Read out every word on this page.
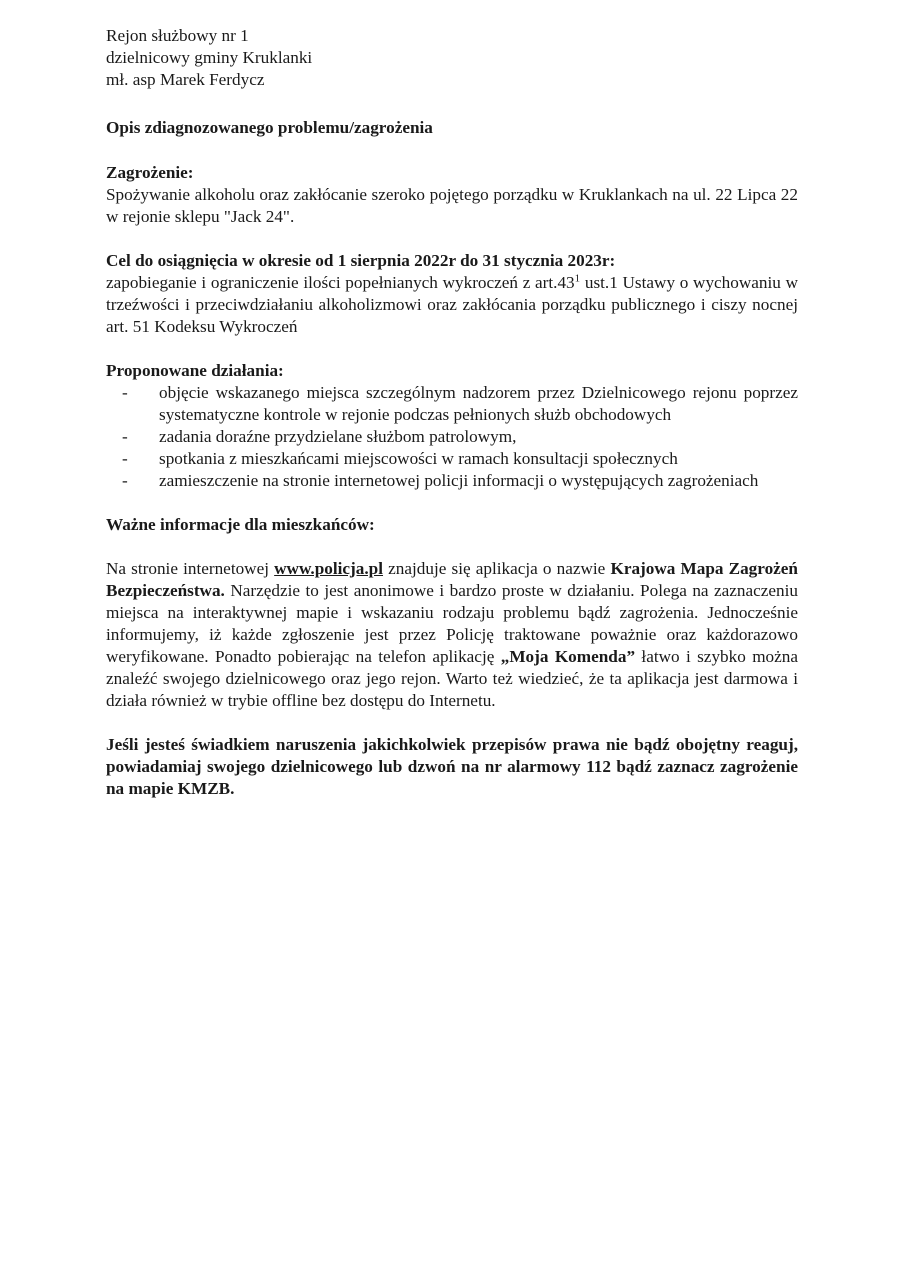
Rejon służbowy nr 1

dzielnicowy gminy Kruklanki

mł. asp Marek Ferdycz

Opis zdiagnozowanego problemu/zagrożenia

Zagrożenie:

Spożywanie alkoholu oraz zakłócanie szeroko pojętego porządku w Kruklankach na ul. 22 Lipca 22 w rejonie sklepu "Jack 24".

Cel do osiągnięcia w okresie od 1 sierpnia 2022r do 31 stycznia 2023r:

zapobieganie i ograniczenie ilości popełnianych wykroczeń z $art.43^1$ ust.1 Ustawy o wychowaniu w trzeźwości i przeciwdziałaniu alkoholizmowi oraz zakłócania porządku publicznego i ciszy nocnej art. 51 Kodeksu Wykroczeń

Proponowane działania:

- objęcie wskazanego miejsca szczególnym nadzorem przez Dzielnicowego rejonu poprzez systematyczne kontrole w rejonie podczas pełnionych służb obchodowych
- zadania doraźne przydzielane służbom patrolowym,
- spotkania z mieszkańcami miejscowości w ramach konsultacji społecznych
- zamieszczenie na stronie internetowej policji informacji o występujących zagrożeniach

Ważne informacje dla mieszkańców:

Na stronie internetowej www.policja.pl znajduje się aplikacja o nazwie Krajowa Mapa Zagrożeń Bezpieczeństwa. Narzędzie to jest anonimowe i bardzo proste w działaniu. Polega na zaznaczeniu miejsca na interaktywnej mapie i wskazaniu rodzaju problemu bądź zagrożenia. Jednocześnie informujemy, iż każde zgłoszenie jest przez Policję traktowane poważnie oraz każdorazowo weryfikowane. Ponadto pobierając na telefon aplikację „Moja Komenda” łatwo i szybko można znaleźć swojego dzielnicowego oraz jego rejon. Warto też wiedzieć, że ta aplikacja jest darmowa i działa również w trybie offline bez dostępu do Internetu.

Jeśli jesteś świadkiem naruszenia jakichkolwiek przepisów prawa nie bądź obojętny reaguj, powiadamiaj swojego dzielnicowego lub dzwoń na nr alarmowy 112 bądź zaznacz zagrożenie na mapie KMZB.
